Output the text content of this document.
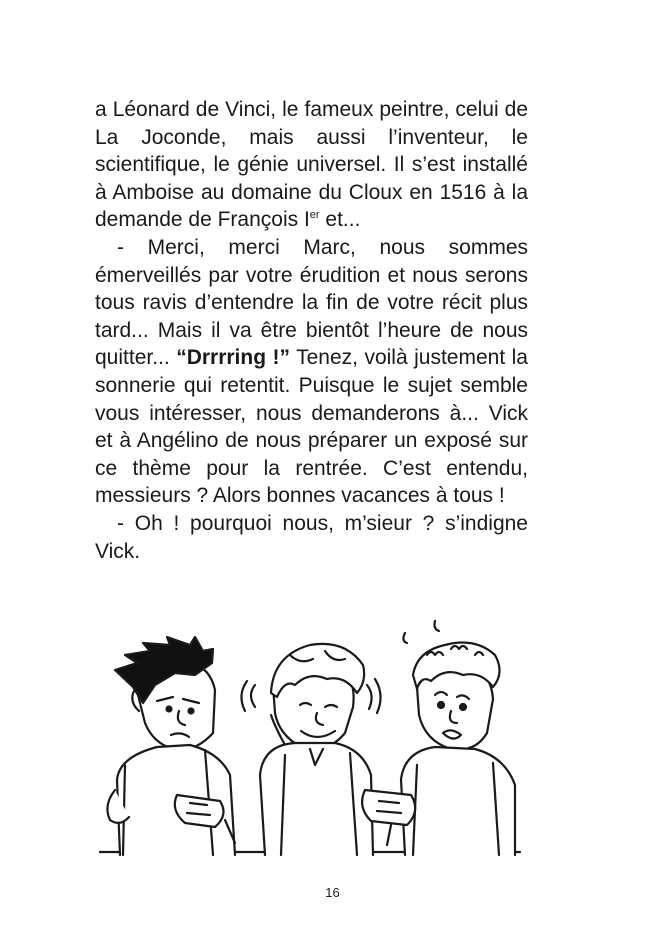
a Léonard de Vinci, le fameux peintre, celui de La Joconde, mais aussi l’inventeur, le scientifique, le génie universel. Il s’est installé à Amboise au domaine du Cloux en 1516 à la demande de François Ier et...

- Merci, merci Marc, nous sommes émerveillés par votre érudition et nous serons tous ravis d’entendre la fin de votre récit plus tard... Mais il va être bientôt l’heure de nous quitter... “Drrrring !” Tenez, voilà justement la sonnerie qui retentit. Puisque le sujet semble vous intéresser, nous demanderons à... Vick et à Angélino de nous préparer un exposé sur ce thème pour la rentrée. C’est entendu, messieurs ? Alors bonnes vacances à tous !

- Oh ! pourquoi nous, m’sieur ? s’indigne Vick.

16
